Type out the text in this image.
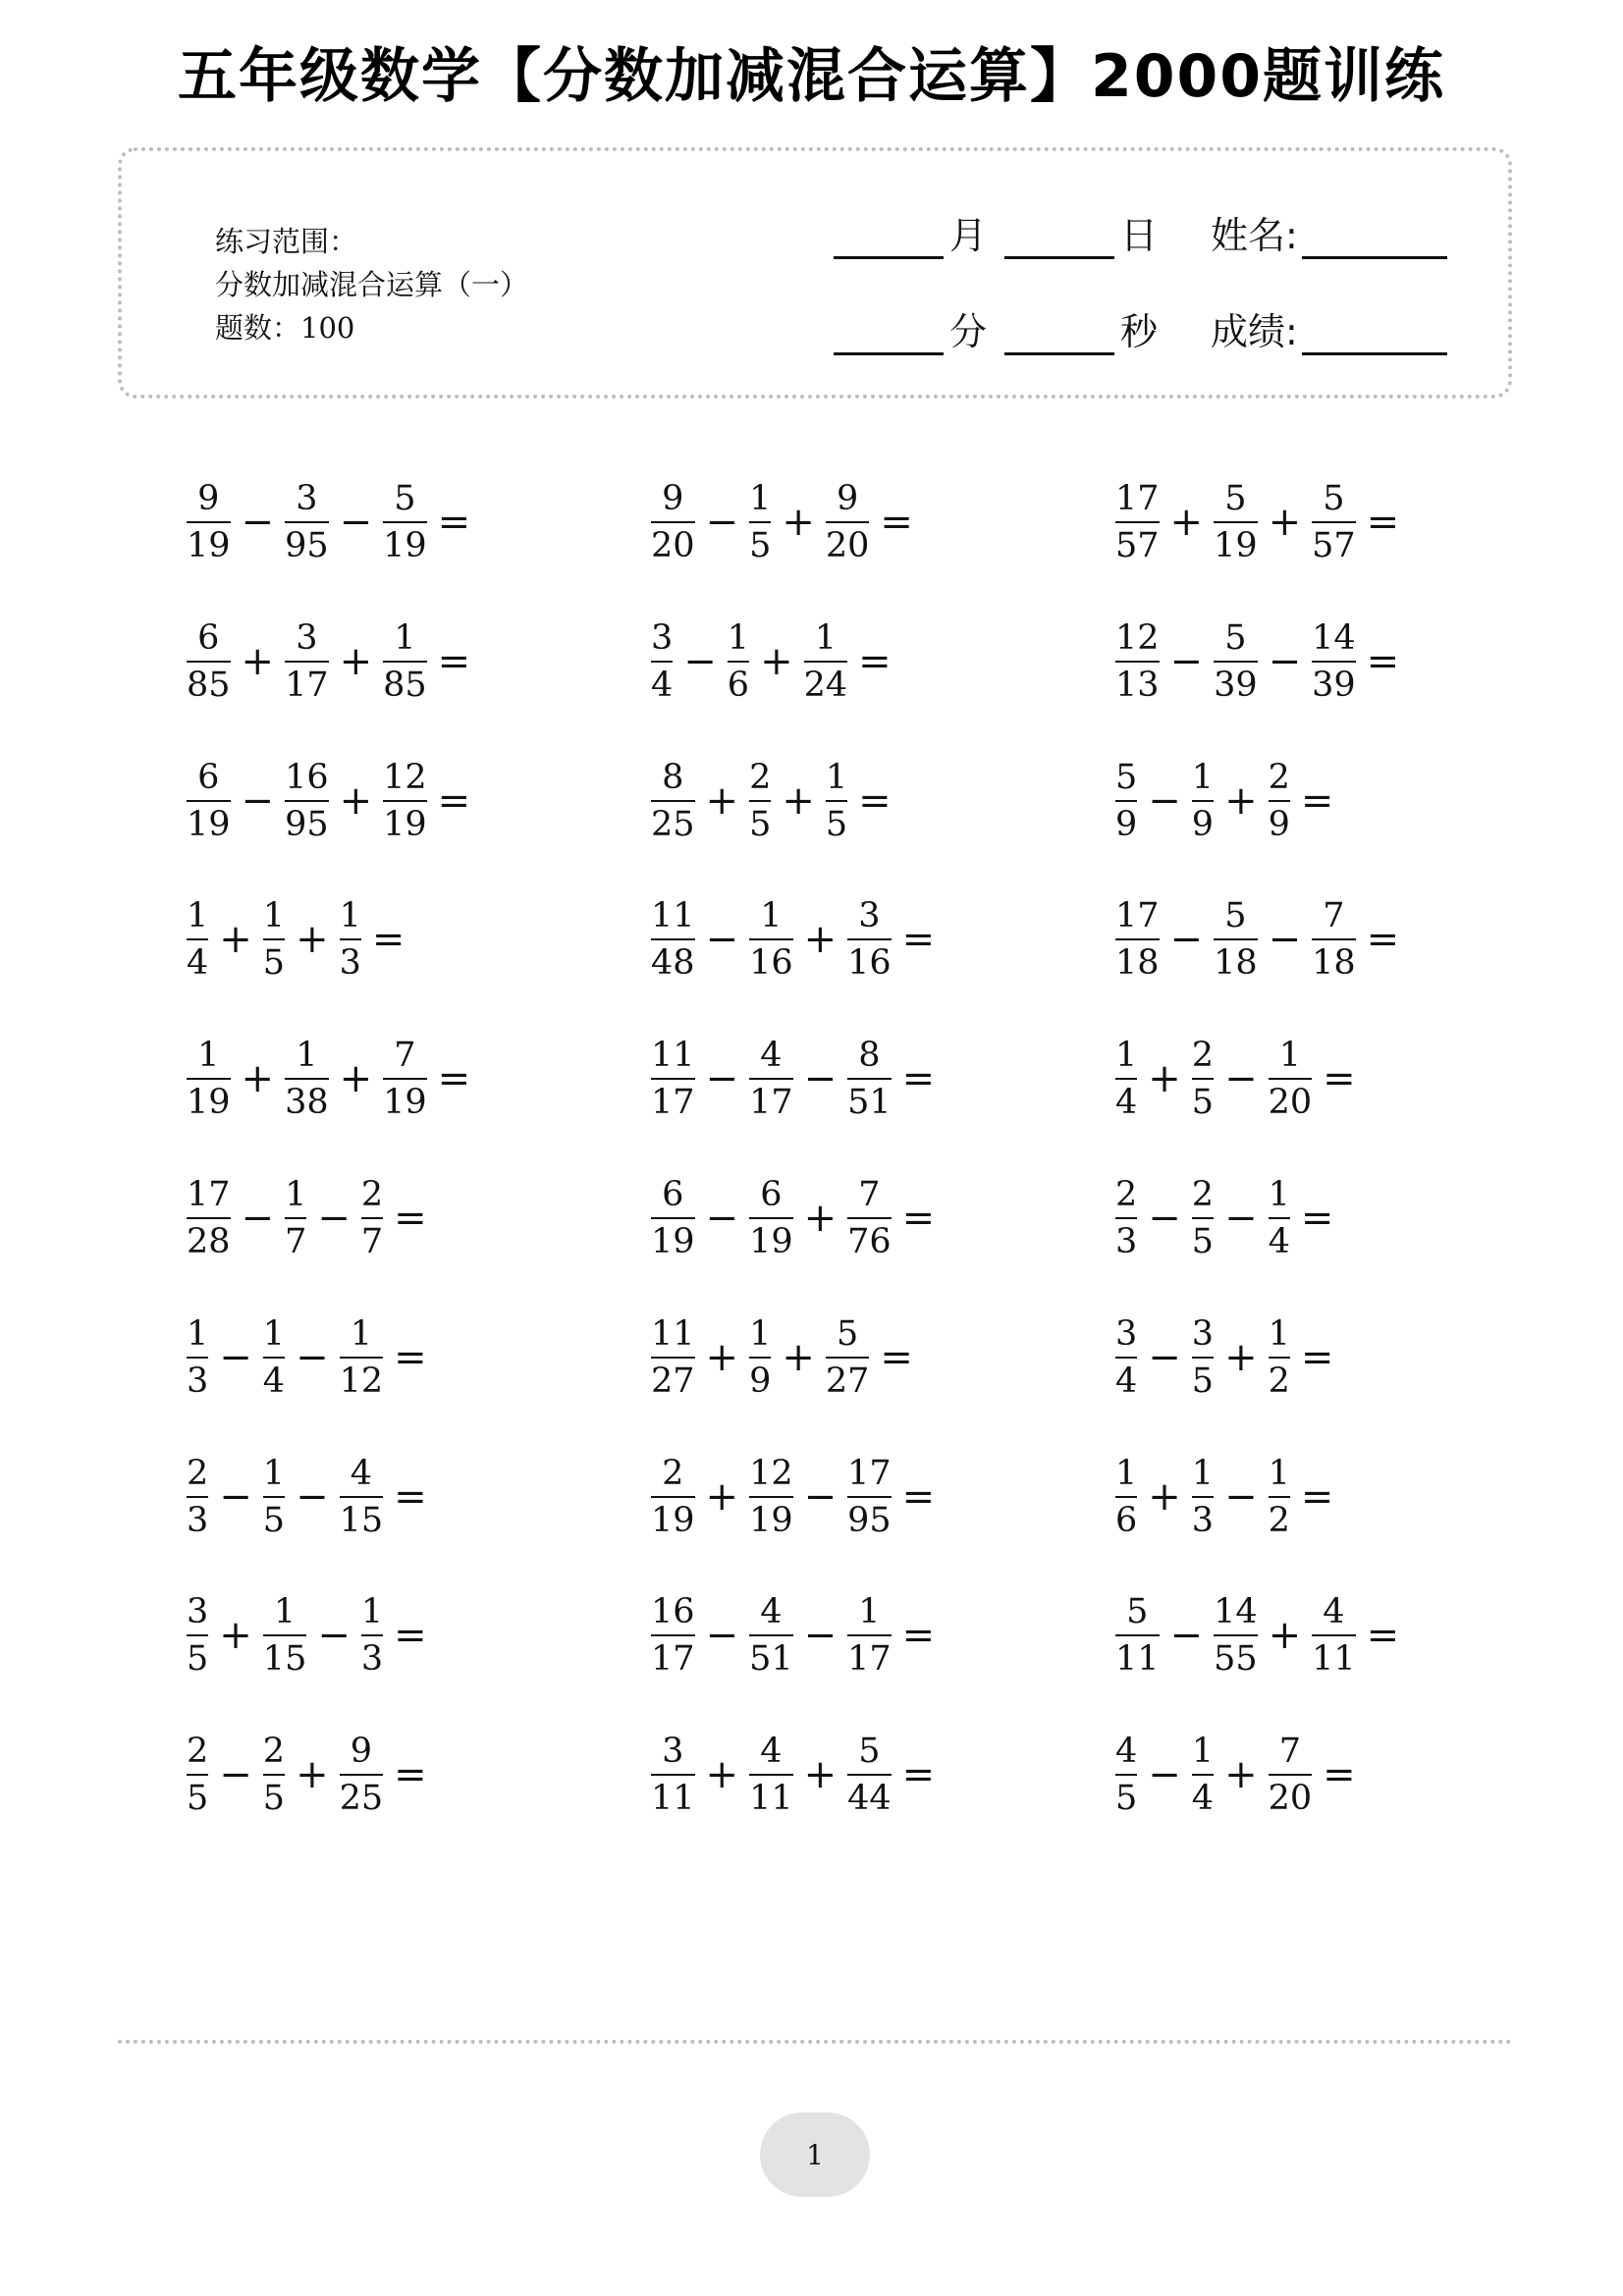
五年级数学【分数加减混合运算】2000题训练
练习范围：
分数加减混合运算（一）
题数：100
月	日 姓名:
分	秒 成绩:
$\frac{9}{19} - \frac{3}{95} - \frac{5}{19}$ =	$\frac{9}{20} - \frac{1}{5} + \frac{9}{20}$ =	$\frac{17}{57} + \frac{5}{19} + \frac{5}{57}$ =
$\frac{6}{85} + \frac{3}{17} + \frac{1}{85}$ =	$\frac{3}{4} - \frac{1}{6} + \frac{1}{24}$ =	$\frac{12}{13} - \frac{5}{39} - \frac{14}{39}$ =
$\frac{6}{19} - \frac{16}{95} + \frac{12}{19}$ =	$\frac{8}{25} + \frac{2}{5} + \frac{1}{5}$ =	$\frac{5}{9} - \frac{1}{9} + \frac{2}{9}$ =
$\frac{1}{4} + \frac{1}{5} + \frac{1}{3}$ =	$\frac{11}{48} - \frac{1}{16} + \frac{3}{16}$ =	$\frac{17}{18} - \frac{5}{18} - \frac{7}{18}$ =
$\frac{1}{19} + \frac{1}{38} + \frac{7}{19}$ =	$\frac{11}{17} - \frac{4}{17} - \frac{8}{51}$ =	$\frac{1}{4} + \frac{2}{5} - \frac{1}{20}$ =
$\frac{17}{28} - \frac{1}{7} - \frac{2}{7}$ =	$\frac{6}{19} - \frac{6}{19} + \frac{7}{76}$ =	$\frac{2}{3} - \frac{2}{5} - \frac{1}{4}$ =
$\frac{1}{3} - \frac{1}{4} - \frac{1}{12}$ =	$\frac{11}{27} + \frac{1}{9} + \frac{5}{27}$ =	$\frac{3}{4} - \frac{3}{5} + \frac{1}{2}$ =
$\frac{2}{3} - \frac{1}{5} - \frac{4}{15}$ =	$\frac{2}{19} + \frac{12}{19} - \frac{17}{95}$ =	$\frac{1}{6} + \frac{1}{3} - \frac{1}{2}$ =
$\frac{3}{5} + \frac{1}{15} - \frac{1}{3}$ =	$\frac{16}{17} - \frac{4}{51} - \frac{1}{17}$ =	$\frac{5}{11} - \frac{14}{55} + \frac{4}{11}$ =
$\frac{2}{5} - \frac{2}{5} + \frac{9}{25}$ =	$\frac{3}{11} + \frac{4}{11} + \frac{5}{44}$ =	$\frac{4}{5} - \frac{1}{4} + \frac{7}{20}$ =
1
